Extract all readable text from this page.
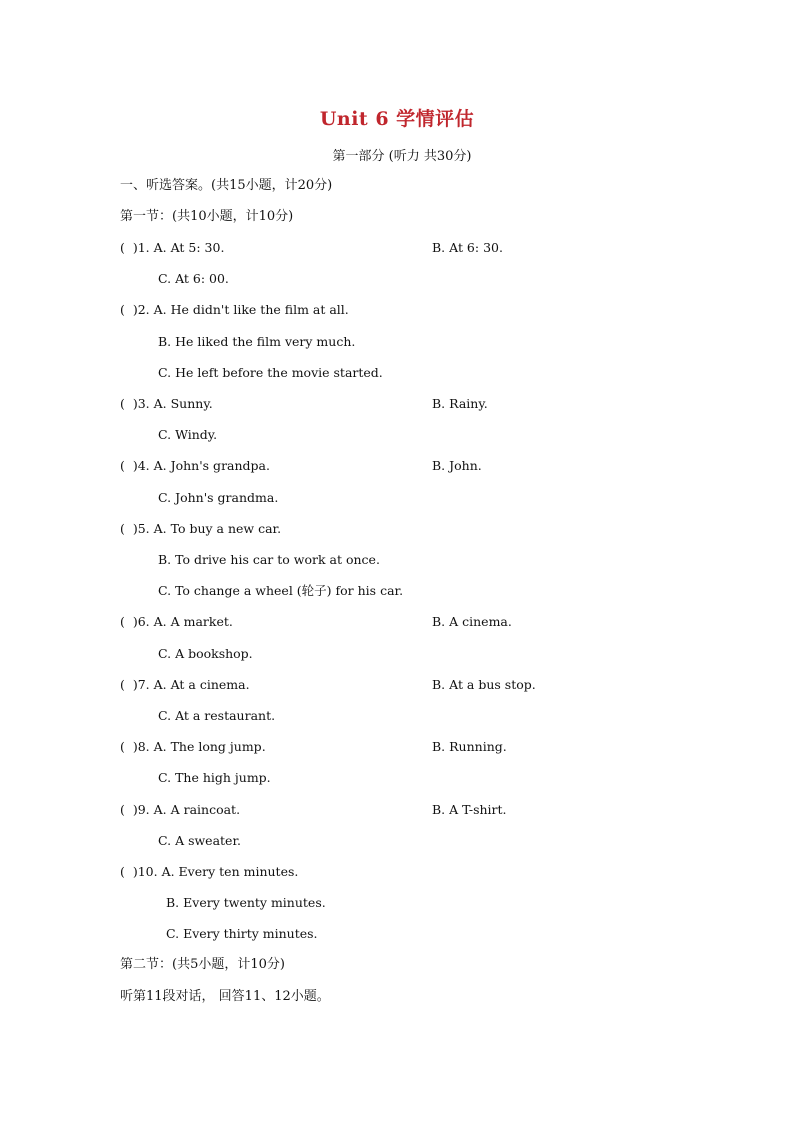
Unit 6 学情评估
第一部分 (听力 共30分)
一、听选答案。(共15小题，计20分)
第一节：(共10小题，计10分)
(  )1. A. At 5: 30.	B. At 6: 30.
C. At 6: 00.
(  )2. A. He didn't like the film at all.
B. He liked the film very much.
C. He left before the movie started.
(  )3. A. Sunny.	B. Rainy.
C. Windy.
(  )4. A. John's grandpa.	B. John.
C. John's grandma.
(  )5. A. To buy a new car.
B. To drive his car to work at once.
C. To change a wheel (轮子) for his car.
(  )6. A. A market.	B. A cinema.
C. A bookshop.
(  )7. A. At a cinema.	B. At a bus stop.
C. At a restaurant.
(  )8. A. The long jump.	B. Running.
C. The high jump.
(  )9. A. A raincoat.	B. A T-shirt.
C. A sweater.
(  )10. A. Every ten minutes.
B. Every twenty minutes.
C. Every thirty minutes.
第二节：(共5小题，计10分)
听第11段对话， 回答11、12小题。
